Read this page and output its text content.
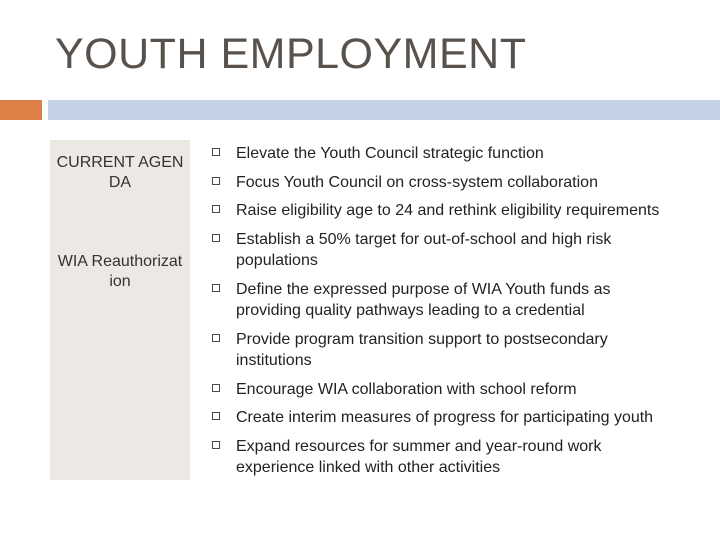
YOUTH EMPLOYMENT

CURRENT AGENDA

WIA Reauthorization

Elevate the Youth Council strategic function
Focus Youth Council on cross-system collaboration
Raise eligibility age to 24 and rethink eligibility requirements
Establish a 50% target for out-of-school and high risk populations
Define the expressed purpose of WIA Youth funds as providing quality pathways leading to a credential
Provide program transition support to postsecondary institutions
Encourage WIA collaboration with school reform
Create interim measures of progress for participating youth
Expand resources for summer and year-round work experience linked with other activities
